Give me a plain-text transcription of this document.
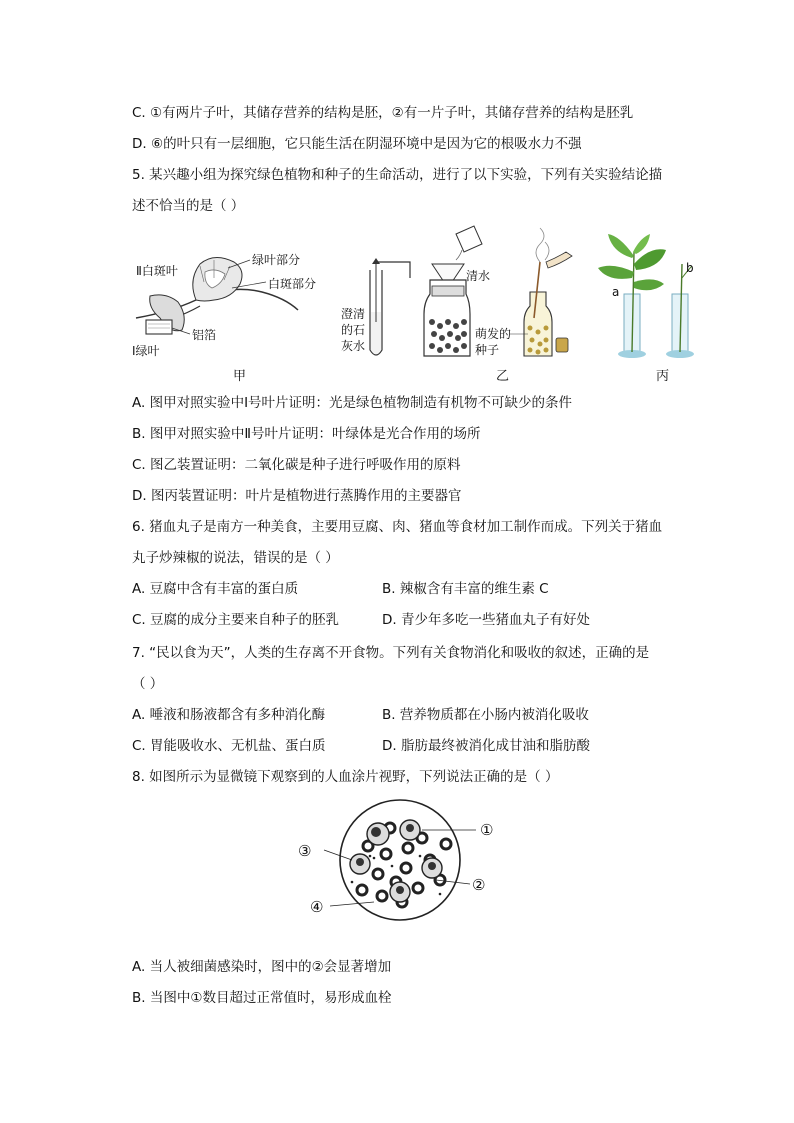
C. ①有两片子叶，其储存营养的结构是胚，②有一片子叶，其储存营养的结构是胚乳
D. ⑥的叶只有一层细胞，它只能生活在阴湿环境中是因为它的根吸水力不强
5. 某兴趣小组为探究绿色植物和种子的生命活动，进行了以下实验，下列有关实验结论描
述不恰当的是（ ）
Ⅱ白斑叶
绿叶部分
白斑部分
铝箔
Ⅰ绿叶
甲
澄清
的石
灰水
清水
萌发的
种子
乙
a
b
丙
A. 图甲对照实验中Ⅰ号叶片证明：光是绿色植物制造有机物不可缺少的条件
B. 图甲对照实验中Ⅱ号叶片证明：叶绿体是光合作用的场所
C. 图乙装置证明：二氧化碳是种子进行呼吸作用的原料
D. 图丙装置证明：叶片是植物进行蒸腾作用的主要器官
6. 猪血丸子是南方一种美食，主要用豆腐、肉、猪血等食材加工制作而成。下列关于猪血
丸子炒辣椒的说法，错误的是（ ）
A. 豆腐中含有丰富的蛋白质	B. 辣椒含有丰富的维生素 C
C. 豆腐的成分主要来自种子的胚乳	D. 青少年多吃一些猪血丸子有好处
7. “民以食为天”，人类的生存离不开食物。下列有关食物消化和吸收的叙述，正确的是
（ ）
A. 唾液和肠液都含有多种消化酶	B. 营养物质都在小肠内被消化吸收
C. 胃能吸收水、无机盐、蛋白质	D. 脂肪最终被消化成甘油和脂肪酸
8. 如图所示为显微镜下观察到的人血涂片视野，下列说法正确的是（ ）
①
②
③
④
A. 当人被细菌感染时，图中的②会显著增加
B. 当图中①数目超过正常值时，易形成血栓
